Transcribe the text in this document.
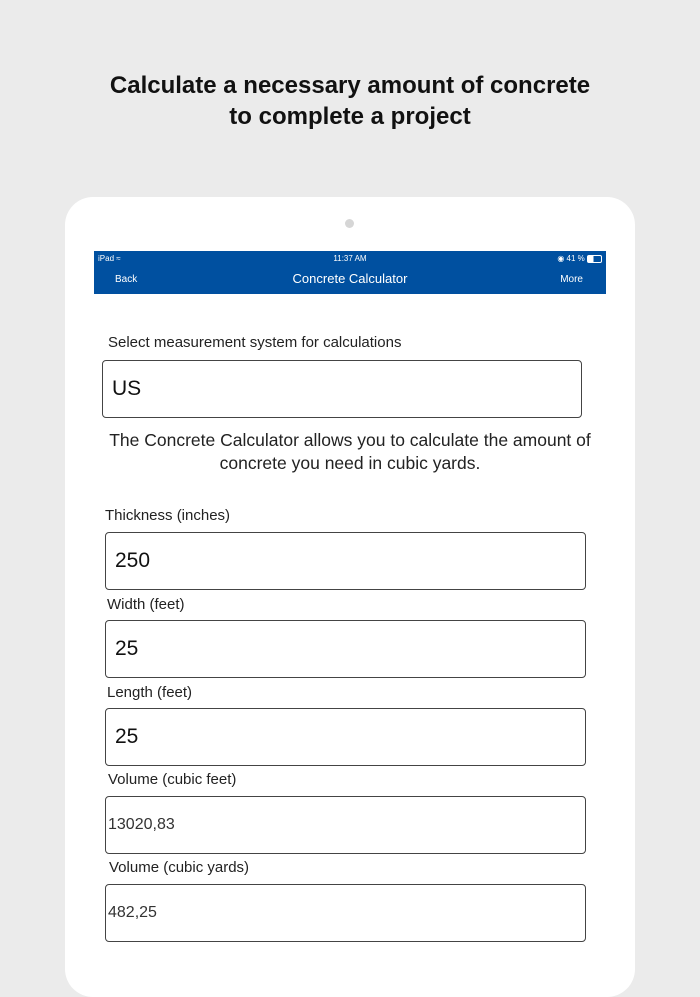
Calculate a necessary amount of concrete
to complete a project
iPad ≈	11:37 AM	◉ 41 %
Concrete Calculator
Back	More
Select measurement system for calculations
US
The Concrete Calculator allows you to calculate the amount of concrete you need in cubic yards.
Thickness (inches)
250
Width (feet)
25
Length (feet)
25
Volume (cubic feet)
13020,83
Volume (cubic yards)
482,25
